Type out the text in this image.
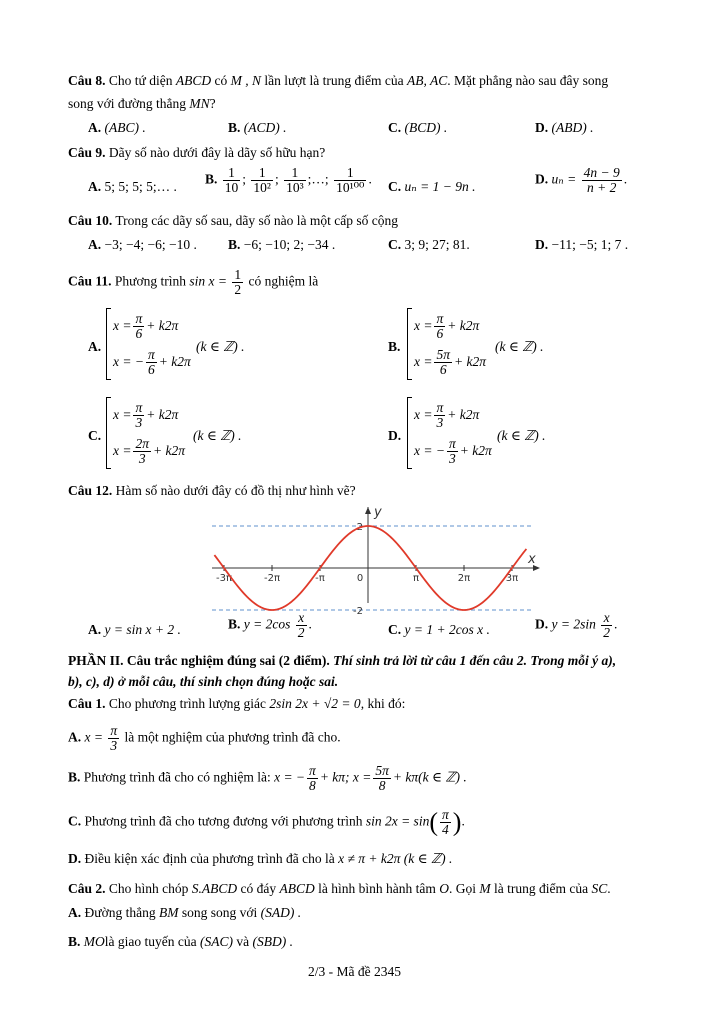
Câu 8. Cho tứ diện ABCD có M , N lần lượt là trung điểm của AB, AC. Mặt phẳng nào sau đây song
song với đường thẳng MN?
A. (ABC) .	B. (ACD) .	C. (BCD) .	D. (ABD) .
Câu 9. Dãy số nào dưới đây là dãy số hữu hạn?
A. 5; 5; 5; 5;… . B. $\frac{1}{10}$ ; $\frac{1}{\text{10²}}$ ; $\frac{1}{\text{10³}}$ ;…; $\frac{1}{\text{10¹⁰⁰}}$ . C. uₙ = 1 − 9n .	D. $u_n = \frac{4n - 9}{n + 2}$ .
Câu 10. Trong các dãy số sau, dãy số nào là một cấp số cộng
A. −3; −4; −6; −10 . B. −6; −10; 2; −34 .	C. 3; 9; 27; 81.	D. −11; −5; 1; 7 .
Câu 11. Phương trình $\sin x = \frac{1}{2}$ có nghiệm là
A.
$x = \frac{\pi}{6} + k2\pi$
x = − $\frac{\pi}{6} + k2\pi$
(k ∈ ℤ) .	B.
$x = \frac{\pi}{6} + k2\pi$
$x = \frac{5\pi}{6} + k2\pi$
(k ∈ ℤ) .
C.
$x = \frac{\pi}{3} + k2\pi$
$x = \frac{2\pi}{3} + k2\pi$
(k ∈ ℤ) .	D.
$x = \frac{\pi}{3} + k2\pi$
x = − $\frac{\pi}{3} + k2\pi$
(k ∈ ℤ) .
Câu 12. Hàm số nào dưới đây có đồ thị như hình vẽ?
x
y
-3π	-2π	-π	0	π	2π	3π
2
-2
A. y = sin x + 2 .	B. $y = 2\cos \frac{x}{2}$ .	C. y = 1 + 2cos x .	D. $y = 2\sin \frac{x}{2}$ .
PHẦN II. Câu trắc nghiệm đúng sai (2 điểm). Thí sinh trả lời từ câu 1 đến câu 2. Trong mỗi ý a),
b), c), d) ở mỗi câu, thí sinh chọn đúng hoặc sai.
Câu 1. Cho phương trình lượng giác 2sin 2x + √2 = 0, khi đó:
A. $x = \frac{\pi}{3}$ là một nghiệm của phương trình đã cho.
B. Phương trình đã cho có nghiệm là: x = − $\frac{\pi}{8} + k\pi$; $x = \frac{5\pi}{8} + k\pi(k$ ∈ ℤ) .
C. Phương trình đã cho tương đương với phương trình $\sin 2x = \sin( \frac{\pi}{4}$ ).
D. Điều kiện xác định của phương trình đã cho là x ≠ π + k2π (k ∈ ℤ) .
Câu 2. Cho hình chóp S.ABCD có đáy ABCD là hình bình hành tâm O. Gọi M là trung điểm của SC.
A. Đường thẳng BM song song với (SAD) .
B. MOlà giao tuyến của (SAC) và (SBD) .
2/3 - Mã đề 2345
